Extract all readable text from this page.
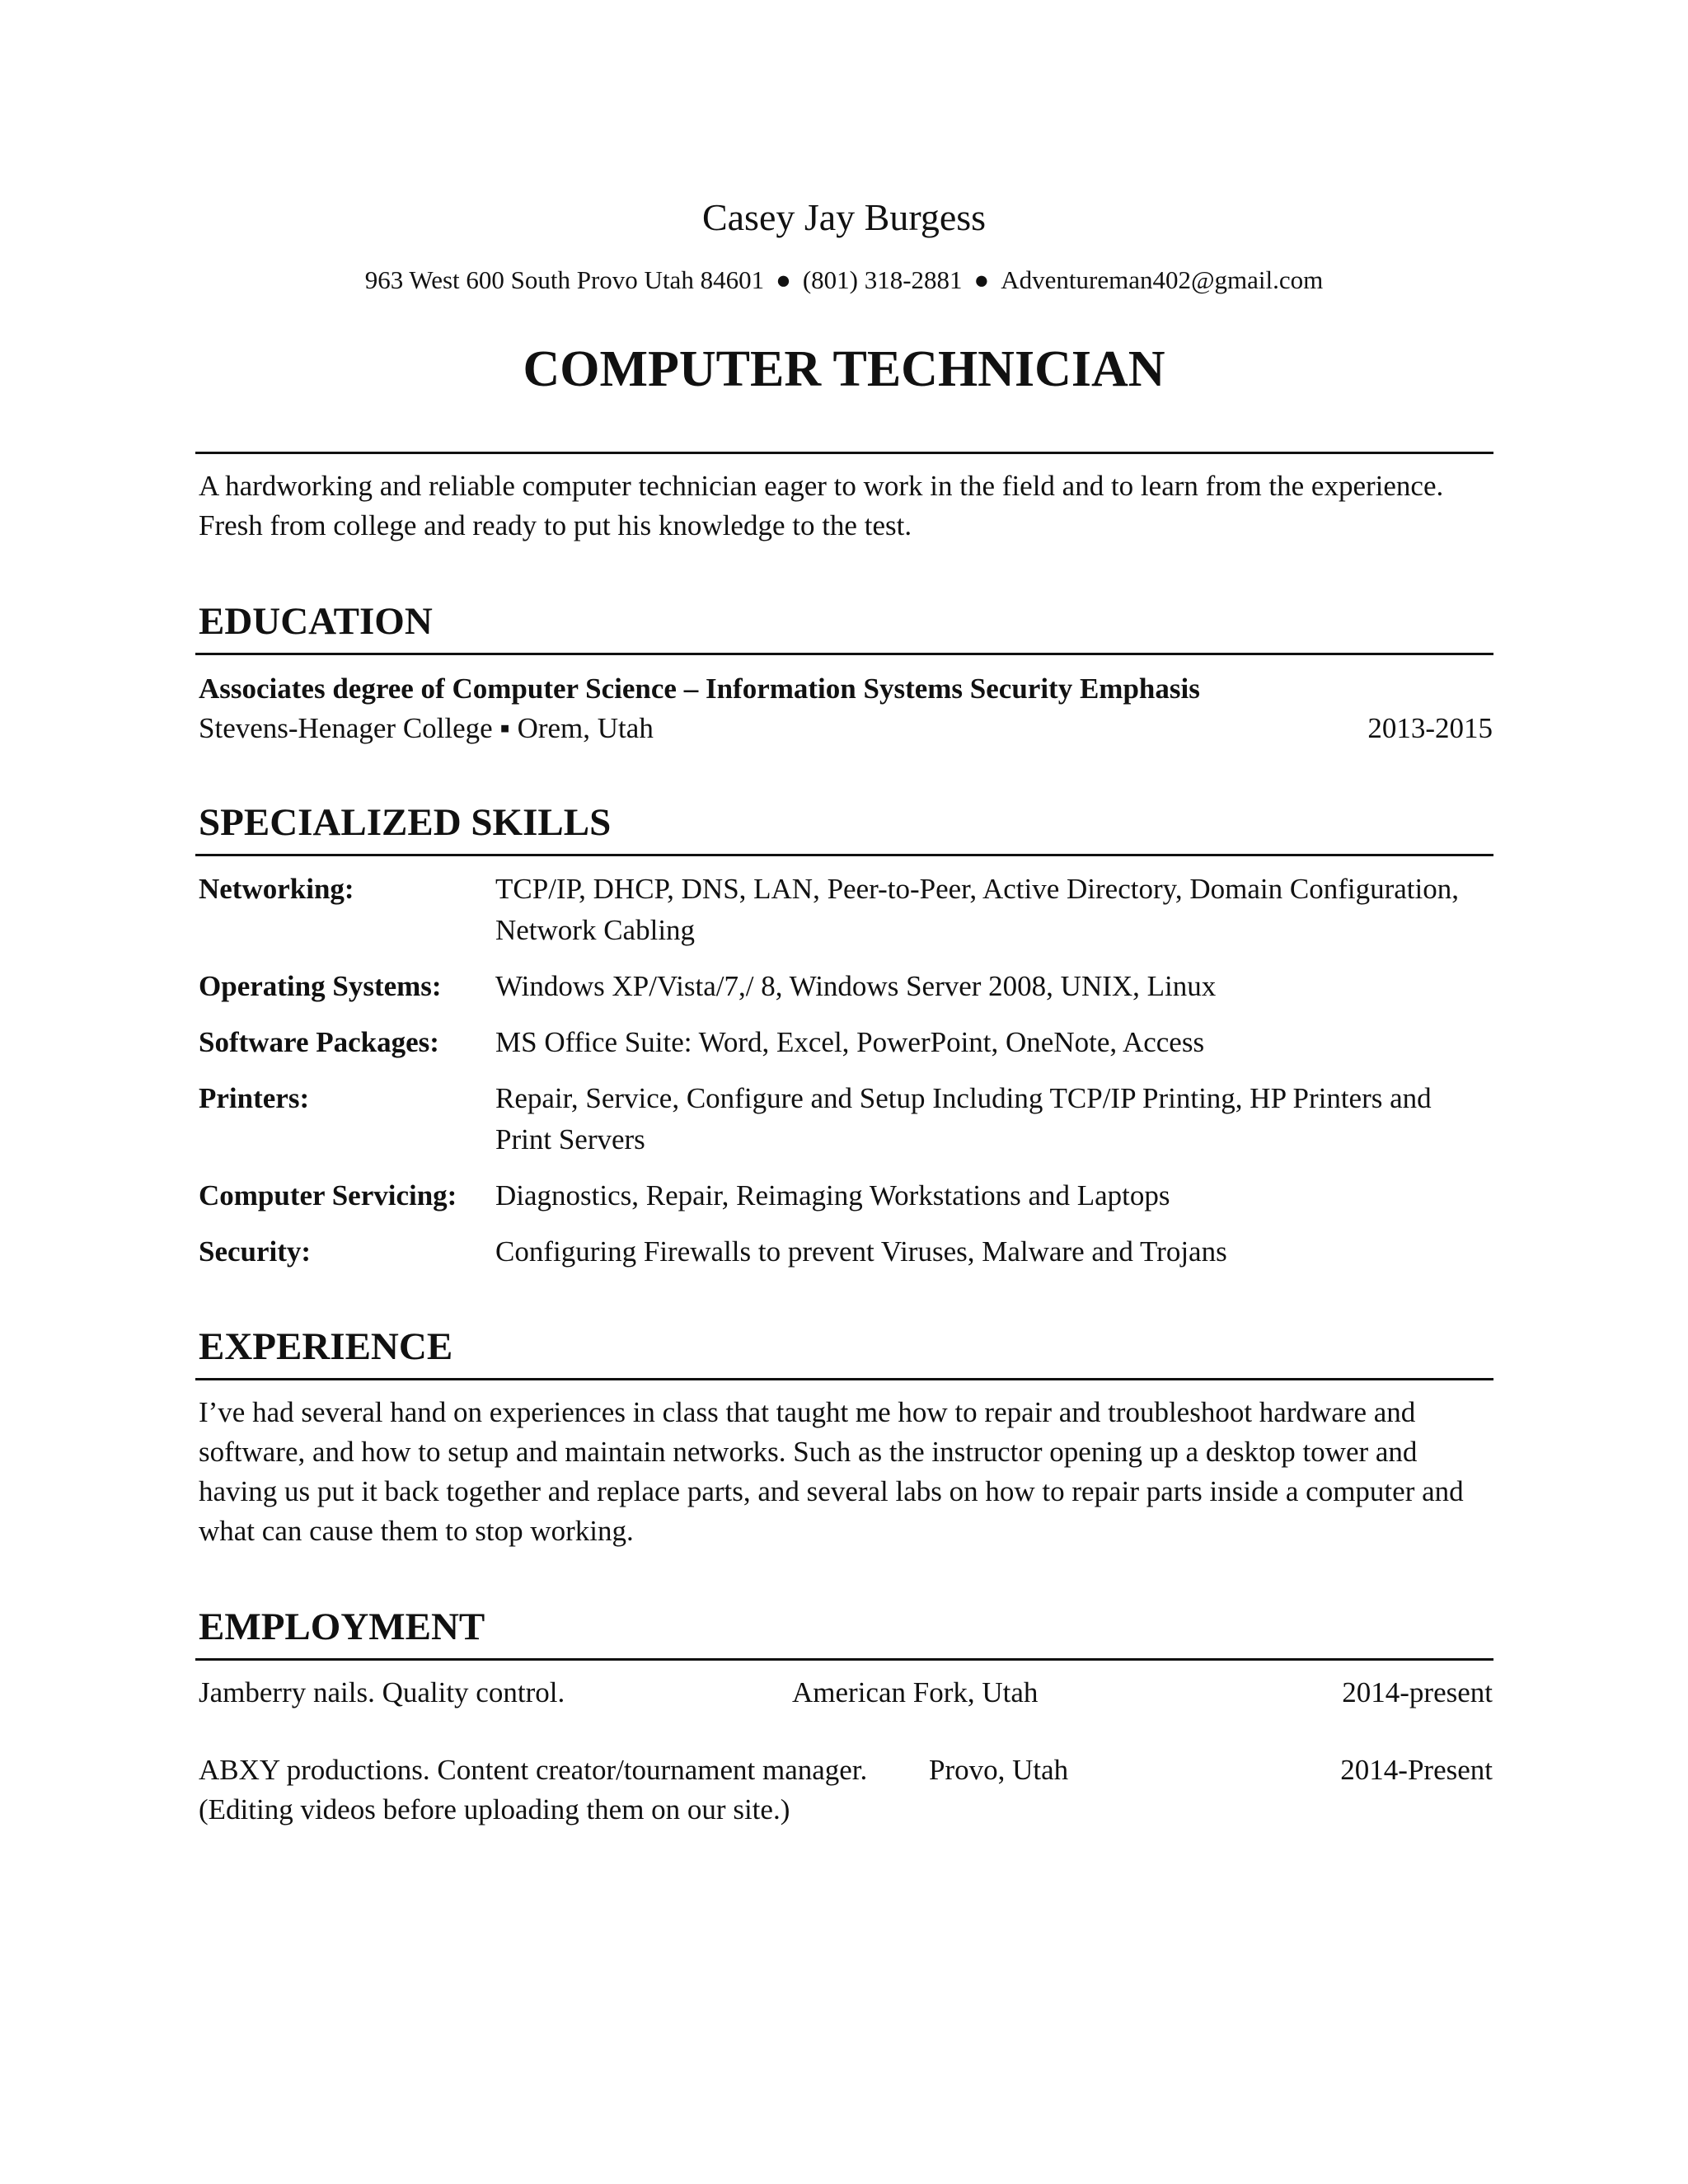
Casey Jay Burgess
963 West 600 South Provo Utah 84601 ● (801) 318-2881 ● Adventureman402@gmail.com
COMPUTER TECHNICIAN
A hardworking and reliable computer technician eager to work in the field and to learn from the experience. Fresh from college and ready to put his knowledge to the test.
EDUCATION
Associates degree of Computer Science – Information Systems Security Emphasis
Stevens-Henager College ▪ Orem, Utah	2013-2015
SPECIALIZED SKILLS
Networking:	TCP/IP, DHCP, DNS, LAN, Peer-to-Peer, Active Directory, Domain Configuration, Network Cabling
Operating Systems: Windows XP/Vista/7,/ 8, Windows Server 2008, UNIX, Linux
Software Packages: MS Office Suite: Word, Excel, PowerPoint, OneNote, Access
Printers:	Repair, Service, Configure and Setup Including TCP/IP Printing, HP Printers and Print Servers
Computer Servicing: Diagnostics, Repair, Reimaging Workstations and Laptops
Security:	Configuring Firewalls to prevent Viruses, Malware and Trojans
EXPERIENCE
I’ve had several hand on experiences in class that taught me how to repair and troubleshoot hardware and software, and how to setup and maintain networks. Such as the instructor opening up a desktop tower and having us put it back together and replace parts, and several labs on how to repair parts inside a computer and what can cause them to stop working.
EMPLOYMENT
Jamberry nails. Quality control.	American Fork, Utah	2014-present
ABXY productions. Content creator/tournament manager. Provo, Utah	2014-Present
(Editing videos before uploading them on our site.)
